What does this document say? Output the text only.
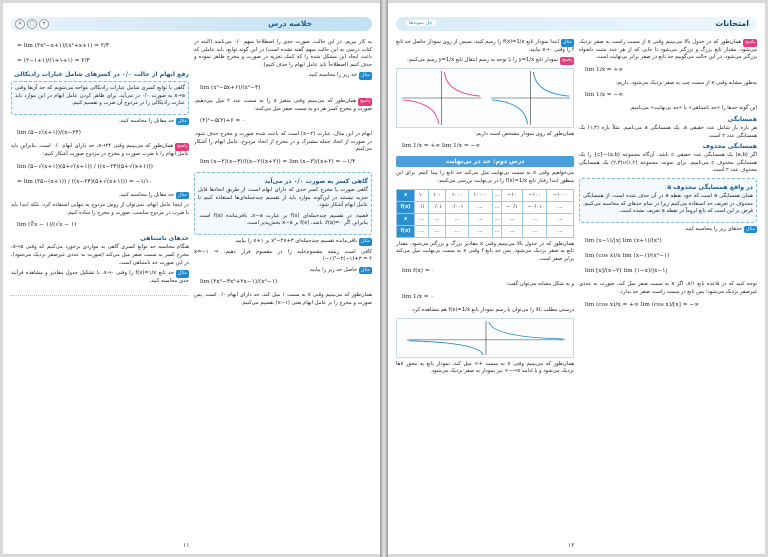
خلاصه درس
×	○	+

به کار ببریم. در این حالت، صورت حدی را اصطلاحاً مبهم ۰/۰ می‌نامند (البته در کتاب درسی به این حالت مبهم گفته نشده است) در این گونه توابع، باید عاملی که باعث ایجاد این مشکل شده را که کمک تجزیه در صورت و مخرج ظاهر نموده و حذف کنیم (اصطلاحاً باید عامل ابهام را حذف کنیم).

مثالحد زیر را محاسبه کنید.

lim (x²−۵x+۶)/(x²−۴)

پاسخهمان‌طور که می‌بینیم وقتی متغیر x را به سمت عدد ۲ میل می‌دهیم، صورت و مخرج کسر هر دو به سمت صفر میل می‌کنند:

(۲)²−۵(۲)+۶ = ۰

ابهام در این مثال، عبارت (x−۲) است که باعث شده صورت و مخرج حذف شود. در صورت از اتحاد جمله مشترک و در مخرج از اتحاد مزدوج، عامل ابهام را آشکار می‌کنیم:

lim (x−۲)(x−۳)/((x−۲)(x+۲)) = lim (x−۳)/(x+۲) = −۱/۴

گاهی کسر به صورت ۰/۰ در می‌آید

گاهی صورت یا مخرج کسر حدی که دارای ابهام است، از طریق اتحادها قابل تجزیه نیستند در این‌گونه موارد باید از تقسیم چندجمله‌ای‌ها استفاده کنیم تا عامل ابهام آشکار شود.

قضیه: در تقسیم چندجمله‌ای f(x) بر عبارت x−a، باقی‌مانده f(a) است. بنابراین اگر f(a)=۰، باشد، f(x) بر x−a بخش‌پذیر است.

مثالباقی‌مانده تقسیم چندجمله‌ای x³−۲x+۳ بر x+۱ را بیابید.

کافی است ریشه مقسوم‌علیه را در مقسوم قرار دهیم: x=−۱ ⇒ (−۱)³−۲(−۱)+۳ = ۴

مثالحاصل حد زیر را بیابید.

lim (۲x³−۳x²+۲x−۱)/(x³−۱)

همان‌طور که می‌بینیم وقتی x به سمت ۱ میل کند، حد دارای ابهام ۰/۰ است. پس صورت و مخرج را بر عامل ابهام یعنی (x−۱) تقسیم می‌کنیم.

= lim (۲x²−x+۱)/(x²+x+۱) = ۲/۳
= (۲−۱+۱)/(۱+۱+۱) = ۲/۳

رفع ابهام از حالت ۰/۰ در کسرهای شامل عبارات رادیکالی

گاهی با توابع کسری شامل عبارات رادیکالی مواجه می‌شویم که حد آن‌ها وقتی x→a به صورت ۰/۰ در می‌آید. برای ظاهر کردن عامل ابهام در این موارد باید عبارت رادیکالی را در مزدوج آن ضرب و تقسیم کنیم.

مثالحد مقابل را محاسبه کنید.

lim (۵−√(x+۱))/(x−۲۴)

پاسخهمان‌طور که می‌بینیم وقتی x→۲۴، حد دارای ابهام ۰/۰ است. بنابراین باید عامل ابهام را با ضرب صورت و مخرج در مزدوج صورت آشکار کنیم:

lim (۵−√(x+۱))(۵+√(x+۱)) / ((x−۲۴)(۵+√(x+۱)))
= lim (۲۵−(x+۱)) / ((x−۲۴)(۵+√(x+۱))) = −۱/۱۰

مثالحد مقابل را محاسبه کنید.

در اینجا عامل ابهام، نمی‌توان از روش مزدوج به تنهایی استفاده کرد، بلکه ابتدا باید با ضرب در مزدوج مناسب، صورت و مخرج را ساده کنیم.

lim (∛x − ۱)/(√x − ۱)

حدهای نامتناهی

هنگام محاسبه حد توابع کسری گاهی به مواردی برخورد می‌کنیم که وقتی x→a، مخرج کسر به سمت صفر میل می‌کند (صورت به عددی غیرصفر نزدیک می‌شود)، در این صورت حد نامتناهی است.

مثالحد تابع f(x)=۱/x را وقتی x→۰، با تشکیل جدول مقادیر و مشاهده فرآیند حدی محاسبه کنید.

۱۱
امتحانات
حل نمونه‌ها

پاسخهمان‌طور که در جدول بالا می‌بینیم وقتی x از سمت راست به صفر نزدیک می‌شود، مقدار تابع بزرگ و بزرگتر می‌شود تا جایی که از هر عدد مثبت دلخواه بزرگتر می‌شود. در این حالت می‌گوییم حد تابع در صفر برابر بی‌نهایت است.

lim 1/x = +∞

به‌طور مشابه وقتی x از سمت چپ به صفر نزدیک می‌شود، داریم:

lim 1/x = −∞

این گونه حدها را «حد نامتناهی» یا «حد بی‌نهایت» می‌نامیم.

همسایگی

هر بازه باز شامل عدد حقیقی a، یک همسایگی a می‌نامیم. مثلاً بازه (۱,۳) یک همسایگی عدد ۲ است.

همسایگی محذوف

اگر (a,b) یک همسایگی عدد حقیقی c باشد، آن‌گاه مجموعه (a,b)−{c} را یک همسایگی محذوف c می‌نامیم. برای نمونه، مجموعه (۱,۲)∪(۲,۳) یک همسایگی محذوف عدد ۲ است.

در واقع همسایگی محذوف a

همان همسایگی a است که خود نقطه a در آن حذف شده است. از همسایگی محذوف در تعریف حد استفاده می‌کنیم زیرا در تمام حدهای که محاسبه می‌کنیم، فرض بر این است که تابع لزوماً در نقطه a تعریف نشده است.

مثالحدهای زیر را محاسبه کنید.

lim (x−۱)/|x| lim (x+۱)/(x²)
lim (cos x)/x lim (x−۱)/(x²−۱)
lim [x]/(x−۲) lim (۱−x)/|x−۱|

توجه کنید که در قاعده تابع ۱/x، اگر x به سمت صفر میل کند، صورت به عددی غیرصفر نزدیک می‌شود؛ پس تابع در سمت راست صفر حد ندارد.

lim (cos x)/x = +∞ lim (cos x)/[x] = −∞

مثالابتدا نمودار تابع f(x)=1/x را رسم کنید، سپس از روی نمودار حاصل حد تابع f را وقتی x→۰ بیابید.

پاسخنمودار تابع y=1/x را با توجه به رسم انتقال تابع y=1/x رسم می‌کنیم:

همان‌طور که روی نمودار مشخص است داریم:

lim 1/x = +∞ lim 1/x = −∞
درس دوم: حد در بی‌نهایت

می‌خواهیم وقتی x به سمت بی‌نهایت میل می‌کند حد تابع را پیدا کنیم. برای این منظور ابتدا رفتار تابع f(x)=1/x را در بی‌نهایت بررسی می‌کنیم:

x	۱۰	۱۰۰	۱۰۰۰	۱۰۰۰۰	...	−۱۰	−۱۰۰	−۱۰۰۰
f(x)	۰/۱	۰/۰۱	۰/۰۰۱	...	...	−۰/۱	−۰/۰۱	...
x	...	...	...	...	...	...	...	...
f(x)	...	...	...	...	...	...	...	...

همان‌طور که در جدول بالا می‌بینیم وقتی x مقادیر بزرگ و بزرگتر می‌شود، مقدار تابع به صفر نزدیک می‌شود. پس حد تابع f وقتی x به سمت بی‌نهایت میل می‌کند برابر صفر است.

lim f(x) = ۰

و به شکل مشابه می‌توان گفت:

lim 1/x = ۰

درستی مطلب بالا را می‌توان با رسم نمودار تابع f(x)=1/x هم مشاهده کرد.

همان‌طور که می‌بینیم وقتی x به سمت +∞ میل کند، نمودار تابع به محور xها نزدیک می‌شود و با ادامه x→−∞ نیز نمودار به صفر نزدیک می‌شود.

۱۲
